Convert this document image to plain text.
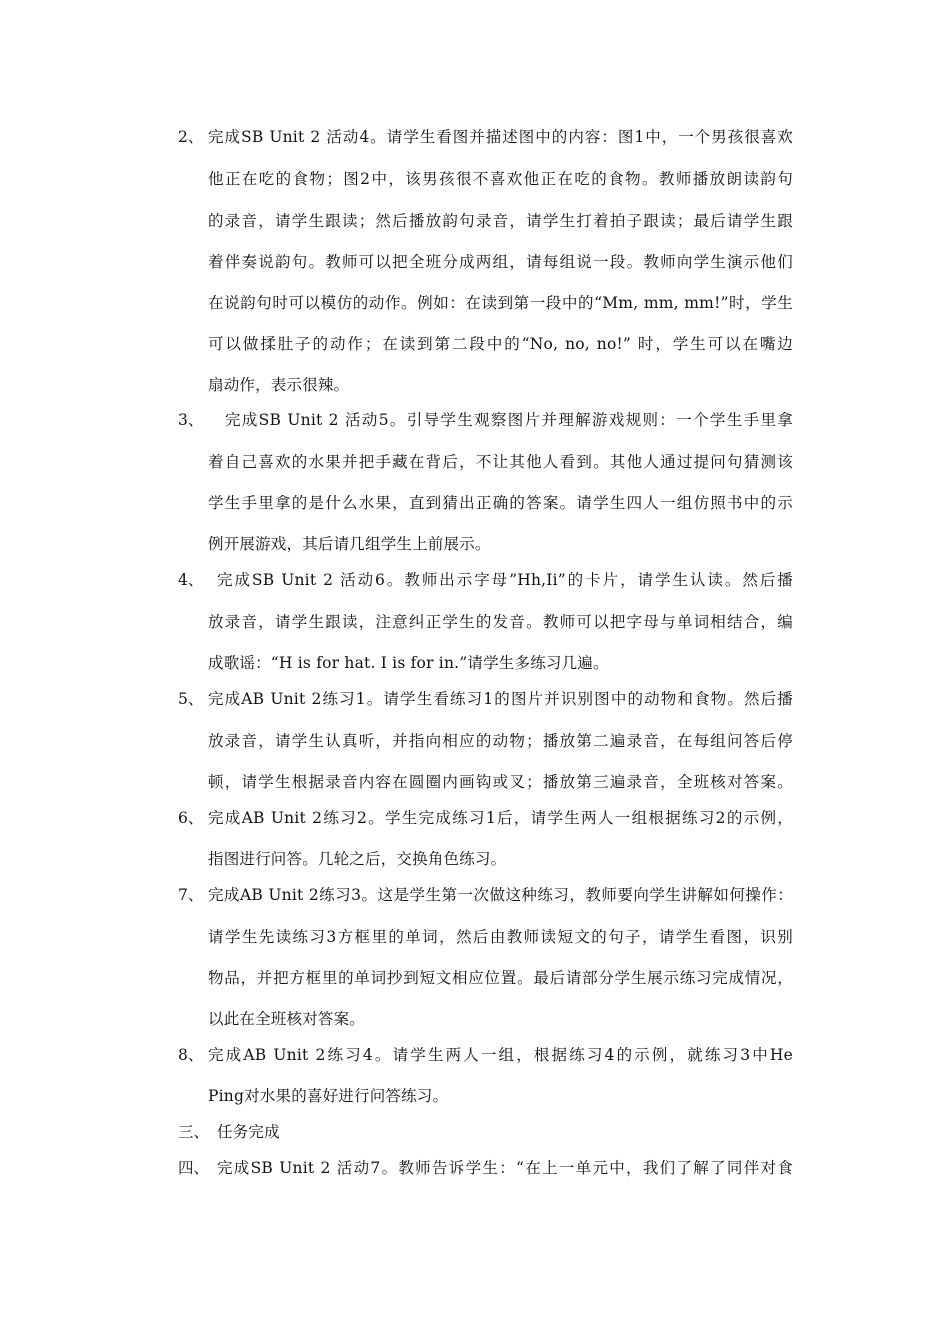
2、 完成SB Unit 2 活动4。请学生看图并描述图中的内容：图1中，一个男孩很喜欢
他正在吃的食物；图2中，该男孩很不喜欢他正在吃的食物。教师播放朗读韵句
的录音，请学生跟读；然后播放韵句录音，请学生打着拍子跟读；最后请学生跟
着伴奏说韵句。教师可以把全班分成两组，请每组说一段。教师向学生演示他们
在说韵句时可以模仿的动作。例如：在读到第一段中的“Mm, mm, mm!”时，学生
可以做揉肚子的动作；在读到第二段中的“No, no, no!” 时，学生可以在嘴边
扇动作，表示很辣。
3、 完成SB Unit 2 活动5。引导学生观察图片并理解游戏规则：一个学生手里拿
着自己喜欢的水果并把手藏在背后，不让其他人看到。其他人通过提问句猜测该
学生手里拿的是什么水果，直到猜出正确的答案。请学生四人一组仿照书中的示
例开展游戏，其后请几组学生上前展示。
4、 完成SB Unit 2 活动6。教师出示字母”Hh,Ii”的卡片，请学生认读。然后播
放录音，请学生跟读，注意纠正学生的发音。教师可以把字母与单词相结合，编
成歌谣：“H is for hat. I is for in.”请学生多练习几遍。
5、 完成AB Unit 2练习1。请学生看练习1的图片并识别图中的动物和食物。然后播
放录音，请学生认真听，并指向相应的动物；播放第二遍录音，在每组问答后停
顿，请学生根据录音内容在圆圈内画钩或叉；播放第三遍录音，全班核对答案。
6、 完成AB Unit 2练习2。学生完成练习1后，请学生两人一组根据练习2的示例，
指图进行问答。几轮之后，交换角色练习。
7、 完成AB Unit 2练习3。这是学生第一次做这种练习，教师要向学生讲解如何操作：
请学生先读练习3方框里的单词，然后由教师读短文的句子，请学生看图，识别
物品，并把方框里的单词抄到短文相应位置。最后请部分学生展示练习完成情况，
以此在全班核对答案。
8、 完成AB Unit 2练习4。请学生两人一组，根据练习4的示例，就练习3中He
Ping对水果的喜好进行问答练习。
三、 任务完成
四、 完成SB Unit 2 活动7。教师告诉学生：“在上一单元中，我们了解了同伴对食
